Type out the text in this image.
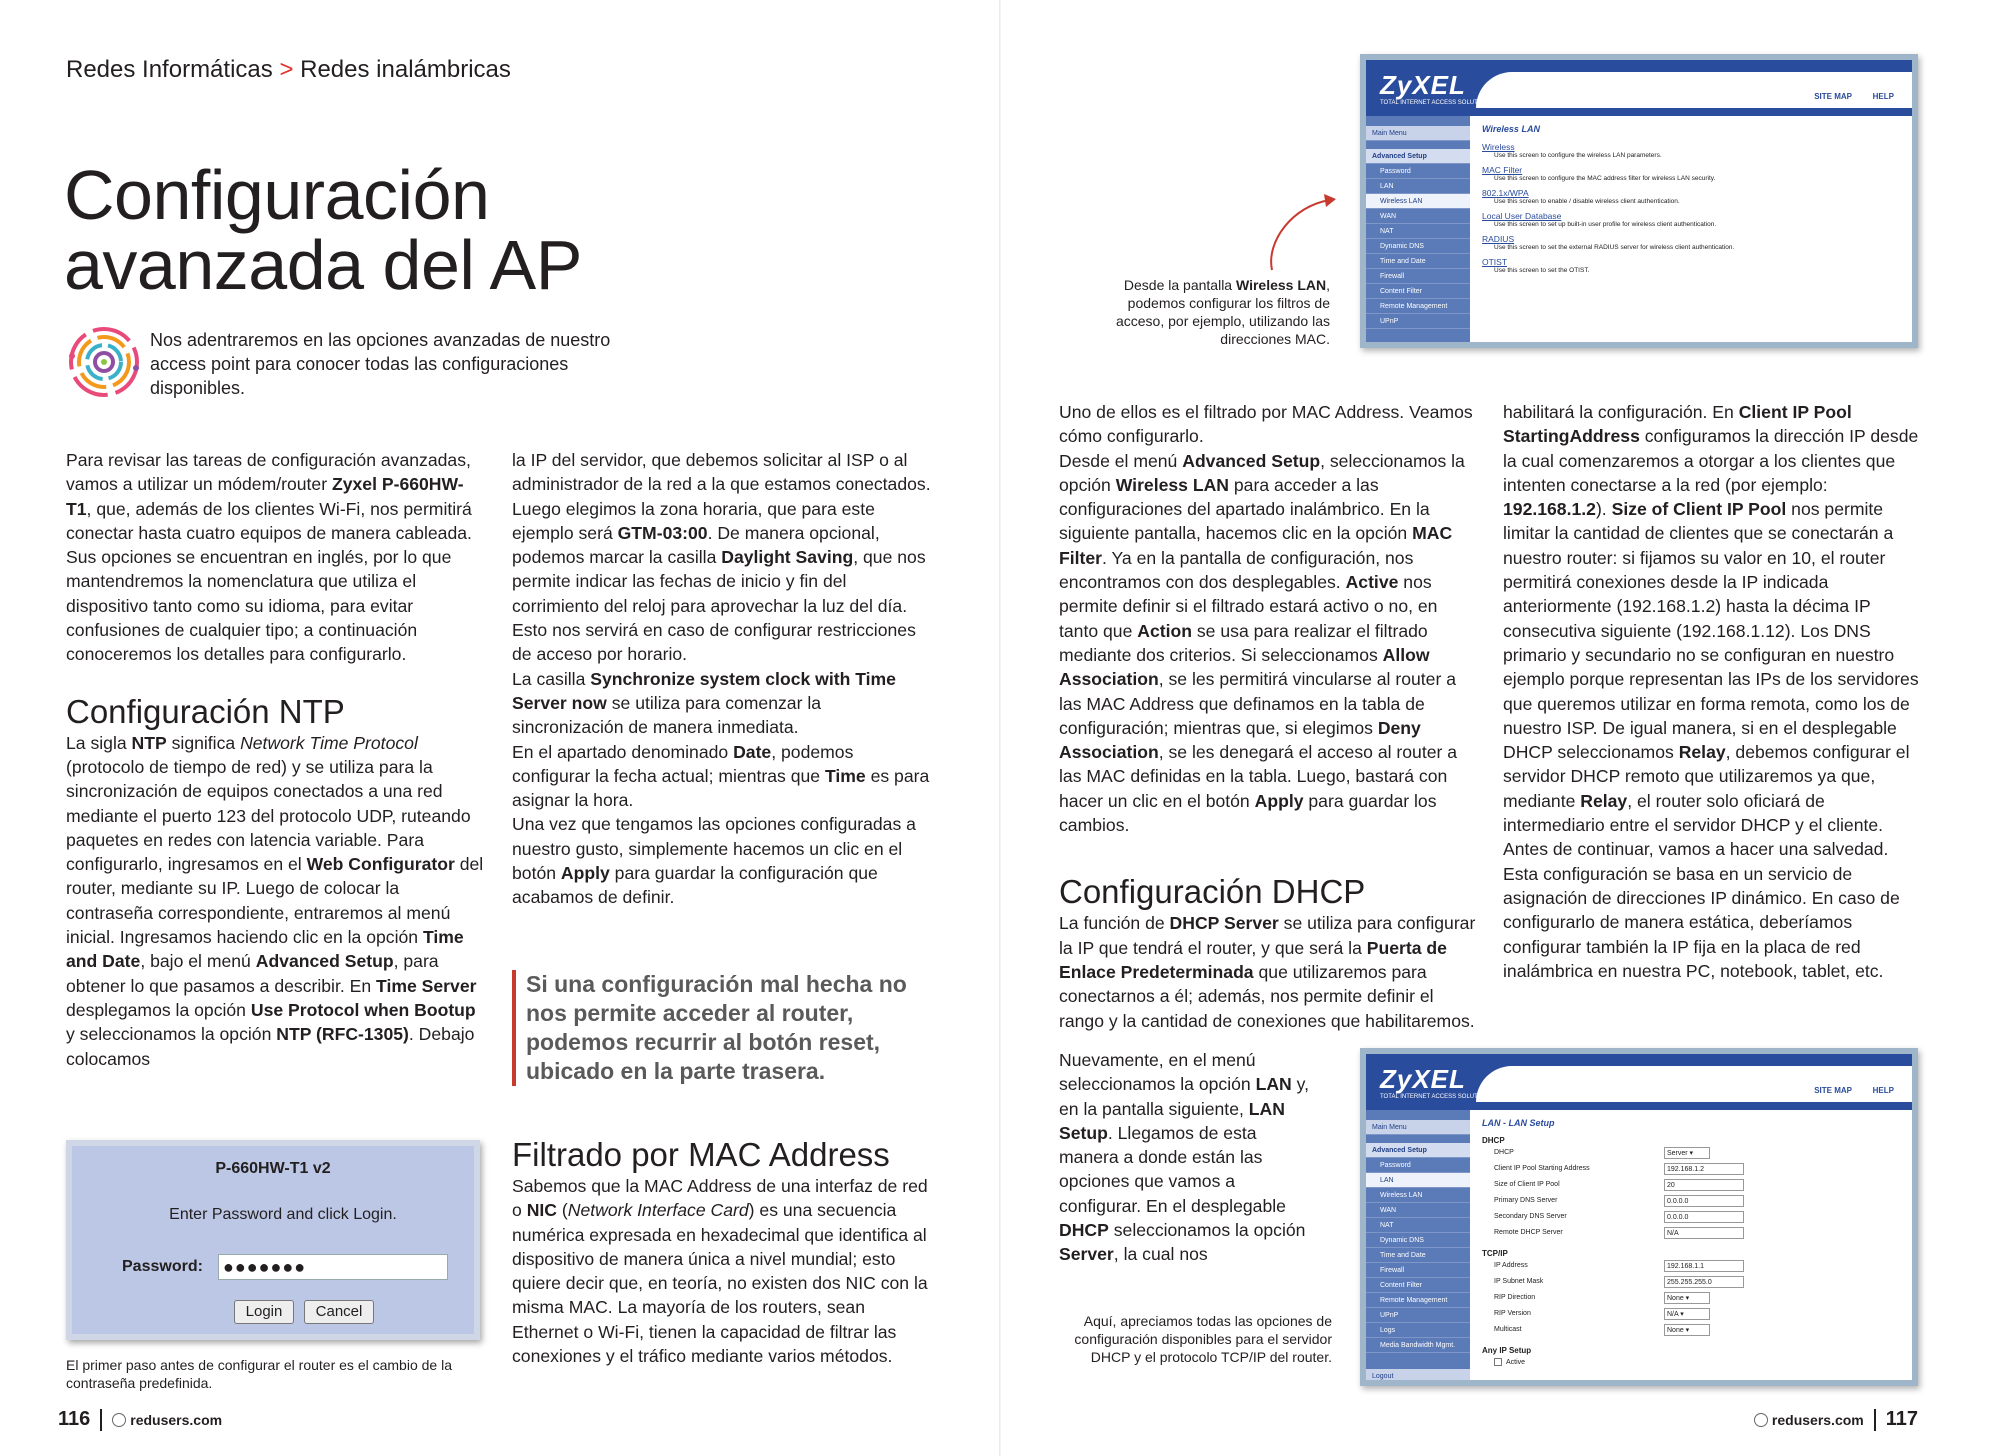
Redes Informáticas > Redes inalámbricas
Configuración
avanzada del AP
Nos adentraremos en las opciones avanzadas de nuestro access point para conocer todas las configuraciones disponibles.

Para revisar las tareas de configuración avanzadas, vamos a utilizar un módem/router Zyxel P-660HW-T1, que, además de los clientes Wi-Fi, nos permitirá conectar hasta cuatro equipos de manera cableada. Sus opciones se encuentran en inglés, por lo que mantendremos la nomenclatura que utiliza el dispositivo tanto como su idioma, para evitar confusiones de cualquier tipo; a continuación conoceremos los detalles para configurarlo.

Configuración NTP

La sigla NTP significa Network Time Protocol (protocolo de tiempo de red) y se utiliza para la sincronización de equipos conectados a una red mediante el puerto 123 del protocolo UDP, ruteando paquetes en redes con latencia variable. Para configurarlo, ingresamos en el Web Configurator del router, mediante su IP. Luego de colocar la contraseña correspondiente, entraremos al menú inicial. Ingresamos haciendo clic en la opción Time and Date, bajo el menú Advanced Setup, para obtener lo que pasamos a describir. En Time Server desplegamos la opción Use Protocol when Bootup y seleccionamos la opción NTP (RFC-1305). Debajo colocamos

la IP del servidor, que debemos solicitar al ISP o al administrador de la red a la que estamos conectados.

Luego elegimos la zona horaria, que para este ejemplo será GTM-03:00. De manera opcional, podemos marcar la casilla Daylight Saving, que nos permite indicar las fechas de inicio y fin del corrimiento del reloj para aprovechar la luz del día. Esto nos servirá en caso de configurar restricciones de acceso por horario.

La casilla Synchronize system clock with Time Server now se utiliza para comenzar la sincronización de manera inmediata.

En el apartado denominado Date, podemos configurar la fecha actual; mientras que Time es para asignar la hora.

Una vez que tengamos las opciones configuradas a nuestro gusto, simplemente hacemos un clic en el botón Apply para guardar la configuración que acabamos de definir.

Si una configuración mal hecha no nos permite acceder al router, podemos recurrir al botón reset, ubicado en la parte trasera.
Filtrado por MAC Address

Sabemos que la MAC Address de una interfaz de red o NIC (Network Interface Card) es una secuencia numérica expresada en hexadecimal que identifica al dispositivo de manera única a nivel mundial; esto quiere decir que, en teoría, no existen dos NIC con la misma MAC. La mayoría de los routers, sean Ethernet o Wi-Fi, tienen la capacidad de filtrar las conexiones y el tráfico mediante varios métodos.

Uno de ellos es el filtrado por MAC Address. Veamos cómo configurarlo.

Desde el menú Advanced Setup, seleccionamos la opción Wireless LAN para acceder a las configuraciones del apartado inalámbrico. En la siguiente pantalla, hacemos clic en la opción MAC Filter. Ya en la pantalla de configuración, nos encontramos con dos desplegables. Active nos permite definir si el filtrado estará activo o no, en tanto que Action se usa para realizar el filtrado mediante dos criterios. Si seleccionamos Allow Association, se les permitirá vincularse al router a las MAC Address que definamos en la tabla de configuración; mientras que, si elegimos Deny Association, se les denegará el acceso al router a las MAC definidas en la tabla. Luego, bastará con hacer un clic en el botón Apply para guardar los cambios.

Configuración DHCP

La función de DHCP Server se utiliza para configurar la IP que tendrá el router, y que será la Puerta de Enlace Predeterminada que utilizaremos para conectarnos a él; además, nos permite definir el rango y la cantidad de conexiones que habilitaremos.

Nuevamente, en el menú seleccionamos la opción LAN y, en la pantalla siguiente, LAN Setup. Llegamos de esta manera a donde están las opciones que vamos a configurar. En el desplegable DHCP seleccionamos la opción Server, la cual nos

habilitará la configuración. En Client IP Pool StartingAddress configuramos la dirección IP desde la cual comenzaremos a otorgar a los clientes que intenten conectarse a la red (por ejemplo: 192.168.1.2). Size of Client IP Pool nos permite limitar la cantidad de clientes que se conectarán a nuestro router: si fijamos su valor en 10, el router permitirá conexiones desde la IP indicada anteriormente (192.168.1.2) hasta la décima IP consecutiva siguiente (192.168.1.12). Los DNS primario y secundario no se configuran en nuestro ejemplo porque representan las IPs de los servidores que queremos utilizar en forma remota, como los de nuestro ISP. De igual manera, si en el desplegable DHCP seleccionamos Relay, debemos configurar el servidor DHCP remoto que utilizaremos ya que, mediante Relay, el router solo oficiará de intermediario entre el servidor DHCP y el cliente.

Antes de continuar, vamos a hacer una salvedad. Esta configuración se basa en un servicio de asignación de direcciones IP dinámico. En caso de configurarlo de manera estática, deberíamos configurar también la IP fija en la placa de red inalámbrica en nuestra PC, notebook, tablet, etc.

P-660HW-T1 v2
Enter Password and click Login.
Password: ●●●●●●●
Login	Cancel
El primer paso antes de configurar el router es el cambio de la contraseña predefinida.
SITE MAP	HELP
ZyXEL
TOTAL INTERNET ACCESS SOLUTION
Main Menu
Advanced Setup
Password
LAN
Wireless LAN
WAN
NAT
Dynamic DNS
Time and Date
Firewall
Content Filter
Remote Management
UPnP
Wireless LAN
Wireless
Use this screen to configure the wireless LAN parameters.
MAC Filter
Use this screen to configure the MAC address filter for wireless LAN security.
802.1x/WPA
Use this screen to enable / disable wireless client authentication.
Local User Database
Use this screen to set up built-in user profile for wireless client authentication.
RADIUS
Use this screen to set the external RADIUS server for wireless client authentication.
OTIST
Use this screen to set the OTIST.
Desde la pantalla Wireless LAN, podemos configurar los filtros de acceso, por ejemplo, utilizando las direcciones MAC.
SITE MAP	HELP
ZyXEL
TOTAL INTERNET ACCESS SOLUTION
Main Menu
Advanced Setup
Password
LAN
Wireless LAN
WAN
NAT
Dynamic DNS
Time and Date
Firewall
Content Filter
Remote Management
UPnP
Logs
Media Bandwidth Mgmt.
Logout
LAN - LAN Setup
DHCP
DHCP	Server ▾
Client IP Pool Starting Address	192.168.1.2
Size of Client IP Pool	20
Primary DNS Server	0.0.0.0
Secondary DNS Server	0.0.0.0
Remote DHCP Server	N/A
TCP/IP
IP Address	192.168.1.1
IP Subnet Mask	255.255.255.0
RIP Direction	None ▾
RIP Version	N/A ▾
Multicast	None ▾
Any IP Setup
Active
Aquí, apreciamos todas las opciones de configuración disponibles para el servidor DHCP y el protocolo TCP/IP del router.
116	redusers.com	redusers.com 117
